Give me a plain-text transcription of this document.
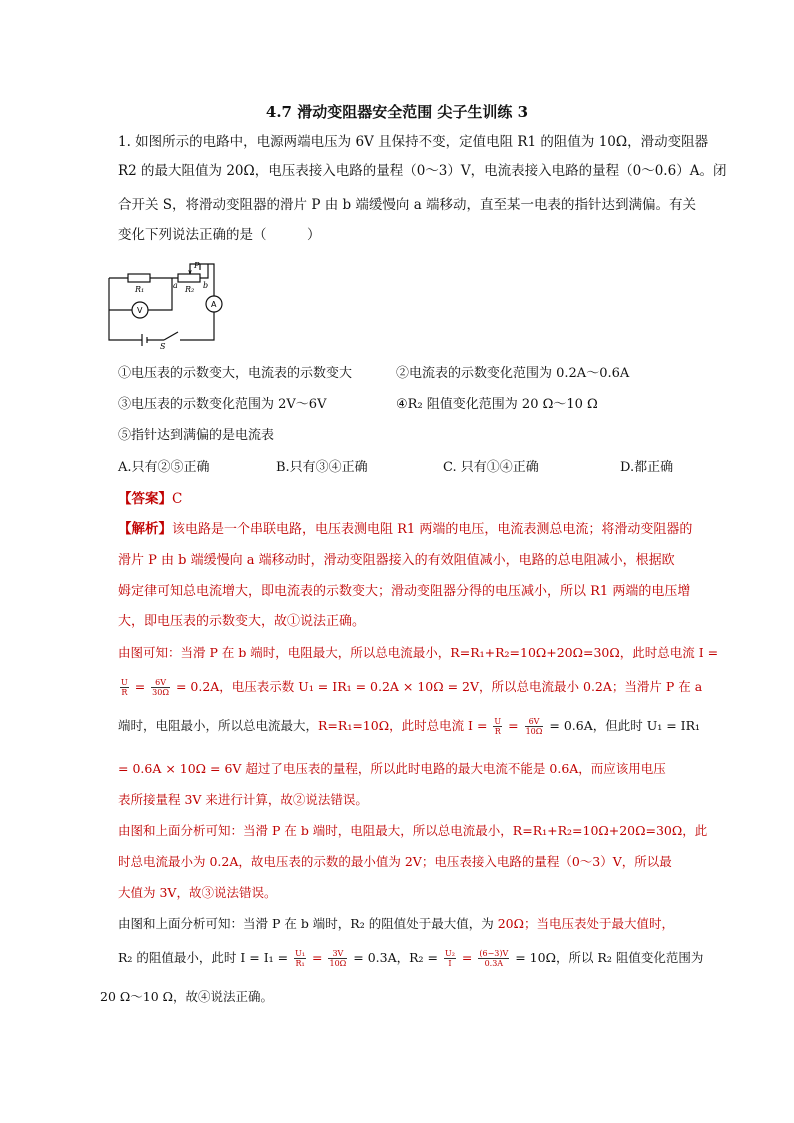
4.7 滑动变阻器安全范围 尖子生训练 3
1. 如图所示的电路中，电源两端电压为 6V 且保持不变，定值电阻 R1 的阻值为 10Ω，滑动变阻器
R2 的最大阻值为 20Ω，电压表接入电路的量程（0～3）V，电流表接入电路的量程（0～0.6）A。闭
合开关 S，将滑动变阻器的滑片 P 由 b 端缓慢向 a 端移动，直至某一电表的指针达到满偏。有关
变化下列说法正确的是（　　　）
R₁	R₂
P
a	b
V
A
S
①电压表的示数变大，电流表的示数变大	②电流表的示数变化范围为 0.2A～0.6A
③电压表的示数变化范围为 2V～6V	④R₂ 阻值变化范围为 20 Ω～10 Ω
⑤指针达到满偏的是电流表
A.只有②⑤正确	B.只有③④正确	C. 只有①④正确	D.都正确
【答案】C
【解析】该电路是一个串联电路，电压表测电阻 R1 两端的电压，电流表测总电流；将滑动变阻器的
滑片 P 由 b 端缓慢向 a 端移动时，滑动变阻器接入的有效阻值减小，电路的总电阻减小，根据欧
姆定律可知总电流增大，即电流表的示数变大；滑动变阻器分得的电压减小，所以 R1 两端的电压增
大，即电压表的示数变大，故①说法正确。
由图可知：当滑 P 在 b 端时，电阻最大，所以总电流最小，R=R₁+R₂=10Ω+20Ω=30Ω，此时总电流 I =
$\frac{U}{R} = \frac{6V}{30\Omega} = 0.2A$，电压表示数 U₁ = IR₁ = 0.2A × 10Ω = 2V，所以总电流最小 0.2A；当滑片 P 在 a
端时，电阻最小，所以总电流最大，R=R₁=10Ω，此时总电流 $I = \frac{U}{R} = \frac{6V}{10\Omega} = 0.6A$，但此时 U₁ = IR₁
= 0.6A × 10Ω = 6V 超过了电压表的量程，所以此时电路的最大电流不能是 0.6A，而应该用电压
表所接量程 3V 来进行计算，故②说法错误。
由图和上面分析可知：当滑 P 在 b 端时，电阻最大，所以总电流最小，R=R₁+R₂=10Ω+20Ω=30Ω，此
时总电流最小为 0.2A，故电压表的示数的最小值为 2V；电压表接入电路的量程（0～3）V，所以最
大值为 3V，故③说法错误。
由图和上面分析可知：当滑 P 在 b 端时，R₂ 的阻值处于最大值，为 20Ω；当电压表处于最大值时，
R₂ 的阻值最小，此时 $I = I_1 = \frac{\text{U₁}}{\text{R₁}} = \frac{3V}{10\Omega} = 0.3A$，$R_2 = \frac{\text{U₂}}{I} = \frac{(6-3)V}{0.3A} = 10\Omega$，所以 R₂ 阻值变化范围为
20 Ω～10 Ω，故④说法正确。
